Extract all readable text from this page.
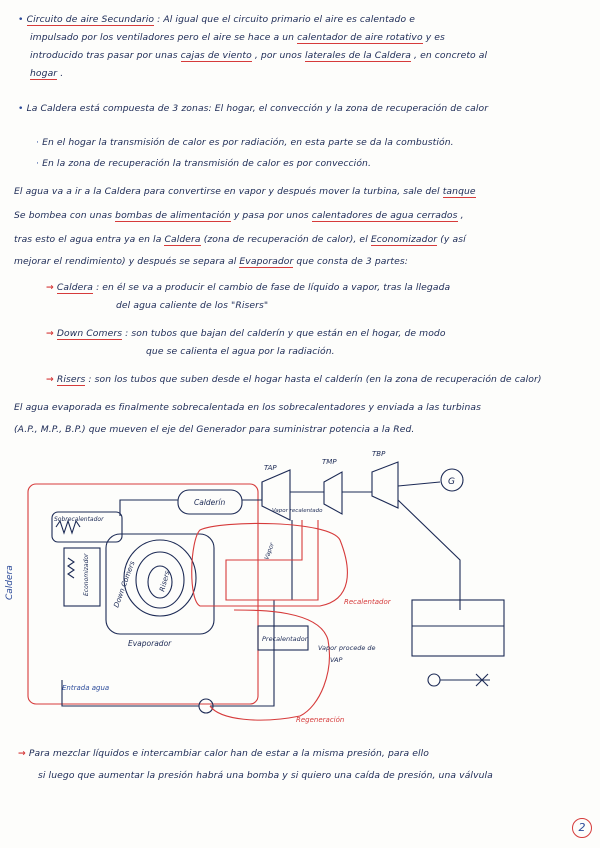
• Circuito de aire Secundario : Al igual que el circuito primario el aire es calentado e
impulsado por los ventiladores pero el aire se hace a un calentador de aire rotativo y es
introducido tras pasar por unas cajas de viento , por unos laterales de la Caldera , en concreto al
hogar .
• La Caldera está compuesta de 3 zonas: El hogar, el convección y la zona de recuperación de calor
· En el hogar la transmisión de calor es por radiación, en esta parte se da la combustión.
· En la zona de recuperación la transmisión de calor es por convección.
El agua va a ir a la Caldera para convertirse en vapor y después mover la turbina, sale del tanque
Se bombea con unas bombas de alimentación y pasa por unos calentadores de agua cerrados ,
tras esto el agua entra ya en la Caldera (zona de recuperación de calor), el Economizador (y así
mejorar el rendimiento) y después se separa al Evaporador que consta de 3 partes:
→ Caldera : en él se va a producir el cambio de fase de líquido a vapor, tras la llegada
del agua caliente de los "Risers"
→ Down Comers : son tubos que bajan del calderín y que están en el hogar, de modo
que se calienta el agua por la radiación.
→ Risers : son los tubos que suben desde el hogar hasta el calderín (en la zona de recuperación de calor)
El agua evaporada es finalmente sobrecalentada en los sobrecalentadores y enviada a las turbinas
(A.P., M.P., B.P.) que mueven el eje del Generador para suministrar potencia a la Red.
Caldera
Calderín
Sobrecalentador
Economizador	Down Comers	Risers
Evaporador
TAP
TMP
TBP
G
Vapor recalentado
Vapor
Recalentador
Precalentador
Vapor procede de
VAP
Entrada agua
Regeneración
→ Para mezclar líquidos e intercambiar calor han de estar a la misma presión, para ello
si luego que aumentar la presión habrá una bomba y si quiero una caída de presión, una válvula
2
